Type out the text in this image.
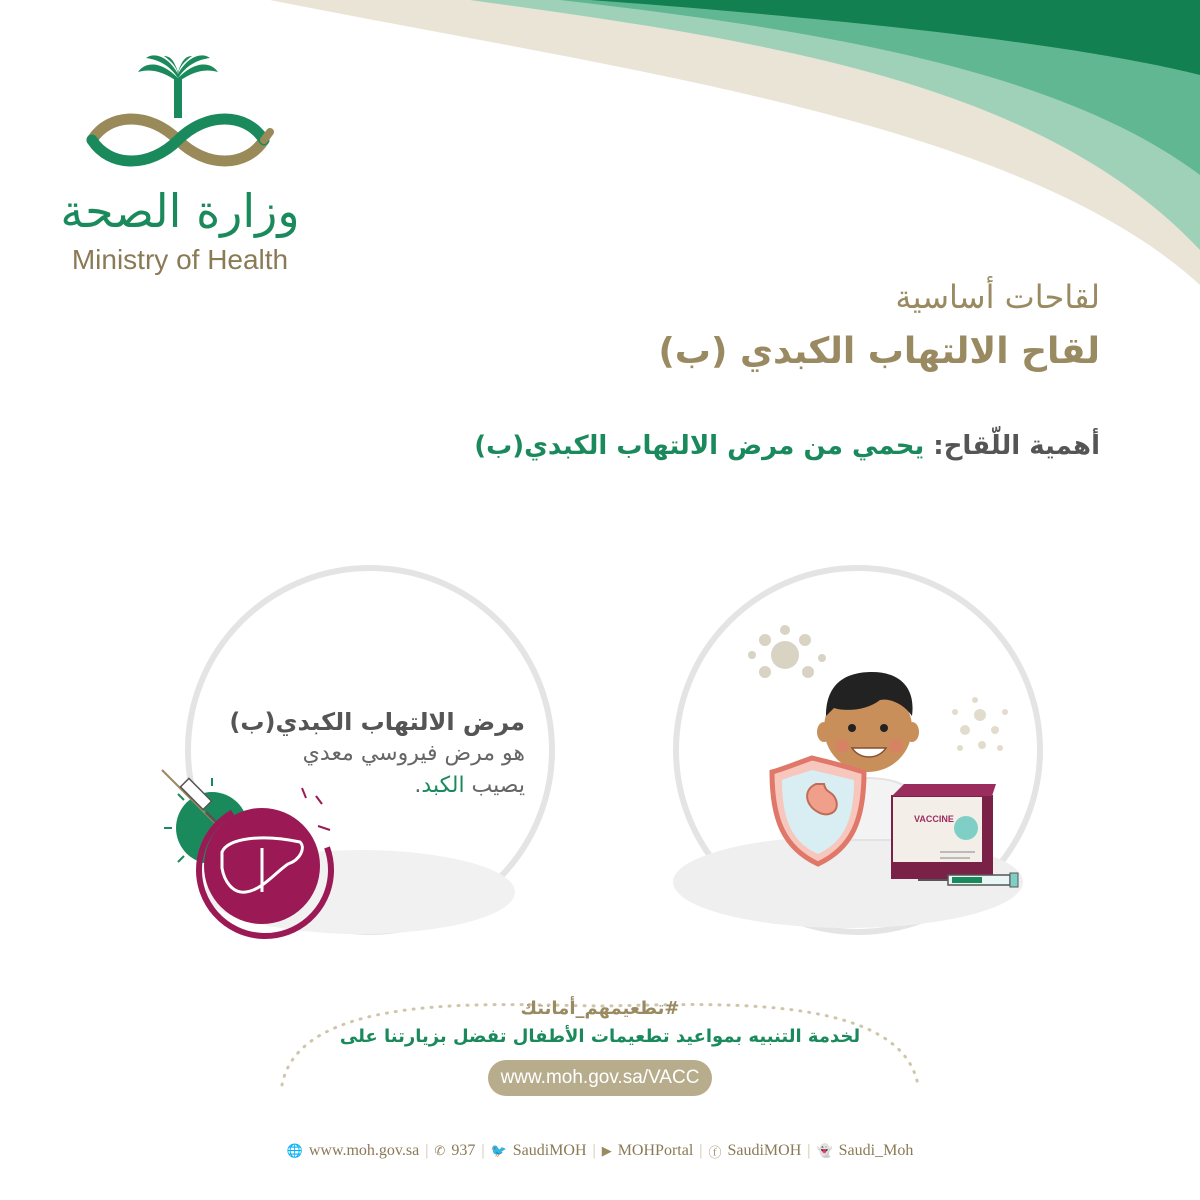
وزارة الصحة
Ministry of Health
لقاحات أساسية
لقاح الالتهاب الكبدي (ب)
أهمية اللّقاح: يحمي من مرض الالتهاب الكبدي(ب)
مرض الالتهاب الكبدي(ب)
هو مرض فيروسي معدي
يصيب الكبد.
VACCINE
#تطعيمهم_أمانتك
لخدمة التنبيه بمواعيد تطعيمات الأطفال تفضل بزيارتنا على
www.moh.gov.sa/VACC
🌐 www.moh.gov.sa | ✆ 937 | 🐦 SaudiMOH | ▶ MOHPortal | ⓕ SaudiMOH | 👻 Saudi_Moh
